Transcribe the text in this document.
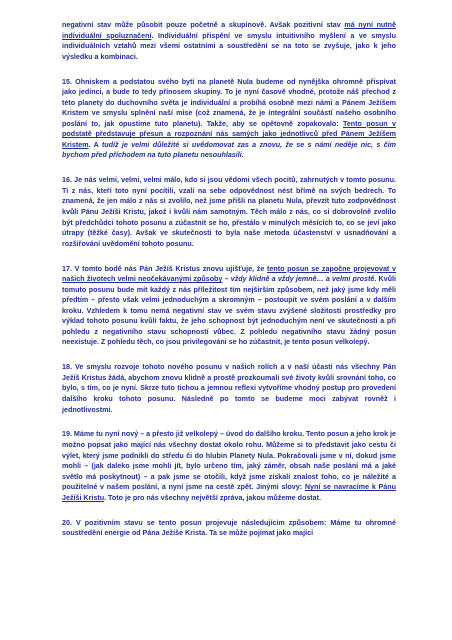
negativní stav může působit pouze početně a skupinově. Avšak pozitivní stav má nyní nutně individuální spoluznačení. Individuální přispění ve smyslu intuitivního myšlení a ve smyslu individuálních vztahů mezi všemi ostatními a soustředění se na toto se zvyšuje, jako k jeho výsledku a kombinaci.

15. Ohniskem a podstatou svého bytí na planetě Nula budeme od nynějška ohromně přispívat jako jedinci, a bude to tedy přínosem skupiny. To je nyní časově vhodné, protože náš přechod z této planety do duchovního světa je individuální a probíhá osobně mezi námi a Pánem Ježíšem Kristem ve smyslu splnění naší mise (což znamená, že je integrální součástí našeho osobního poslání to, jak opustíme tuto planetu). Takže, aby se opětovně zopakovalo: Tento posun v podstatě představuje přesun a rozpoznání nás samých jako jednotlivců před Pánem Ježíšem Kristem. A tudíž je velmi důležité si uvědomovat zas a znovu, že se s námi neděje nic, s čím bychom před příchodem na tuto planetu nesouhlasili.

16. Je nás velmi, velmi, velmi málo, kdo si jsou vědomi všech pocitů, zahrnutých v tomto posunu. Ti z nás, kteří toto nyní pocítili, vzali na sebe odpovědnost nést břímě na svých bedrech. To znamená, že jen málo z nás si zvolilo, než jsme přišli na planetu Nula, převzít tuto zodpovědnost kvůli Pánu Ježíši Kristu, jakož i kvůli nám samotným. Těch málo z nás, co si dobrovolně zvolilo být předchůdci tohoto posunu a zúčastnit se ho, přestálo v minulých měsících to, co se jeví jako útrapy (těžké časy). Avšak ve skutečnosti to byla naše metoda účastenství v usnadňování a rozšiřování uvědomění tohoto posunu.

17. V tomto bodě nás Pán Ježíš Kristus znovu ujišťuje, že tento posun se započne projevovat v našich životech velmi neočekávanými způsoby – vždy klidně a vždy jemně… a velmi prostě. Kvůli tomuto posunu bude mít každý z nás příležitost tím nejširším způsobem, než jaký jsme kdy měli předtím – přesto však velmi jednoduchým a skromným – postoupit ve svém poslání a v dalším kroku. Vzhledem k tomu nemá negativní stav ve svém stavu zvýšené složitosti prostředky pro výklad tohoto posunu kvůli faktu, že jeho schopnost být jednoduchým není ve skutečnosti a při pohledu z negativního stavu schopností vůbec. Z pohledu negativního stavu žádný posun neexistuje. Z pohledu těch, co jsou privilegováni se ho zúčastnit, je tento posun velkolepý.

18. Ve smyslu rozvoje tohoto nového posunu v našich rolích a v naší účasti nás všechny Pán Ježíš Kristus žádá, abychom znovu klidně a prostě prozkoumali své životy kvůli srovnání toho, co bylo, s tím, co je nyní. Skrze tuto tichou a jemnou reflexi vytvoříme vhodný postup pro provedení dalšího kroku tohoto posunu. Následně po tomto se budeme moci zabývat rovněž i jednotlivostmi.

19. Máme tu nyní nový – a přesto již velkolepý – úvod do dalšího kroku. Tento posun a jeho krok je možno popsat jako mající nás všechny dostat okolo rohu. Můžeme si to představit jako cestu či výlet, který jsme podnikli do středu či do hlubin Planety Nula. Pokračovali jsme v ní, dokud jsme mohli – (jak daleko jsme mohli jít, bylo určeno tím, jaký záměr, obsah naše poslání má a jaké světlo má poskytnout) – a pak jsme se otočili, když jsme získali znalost toho, co je náležité a použitelné v našem poslání, a nyní jsme na cestě zpět. Jinými slovy: Nyní se navracíme k Pánu Ježíši Kristu. Toto je pro nás všechny největší zpráva, jakou můžeme dostat.

20. V pozitivním stavu se tento posun projevuje následujícím způsobem: Máme tu ohromné soustředění energie od Pána Ježíše Krista. Ta se může pojímat jako mající
